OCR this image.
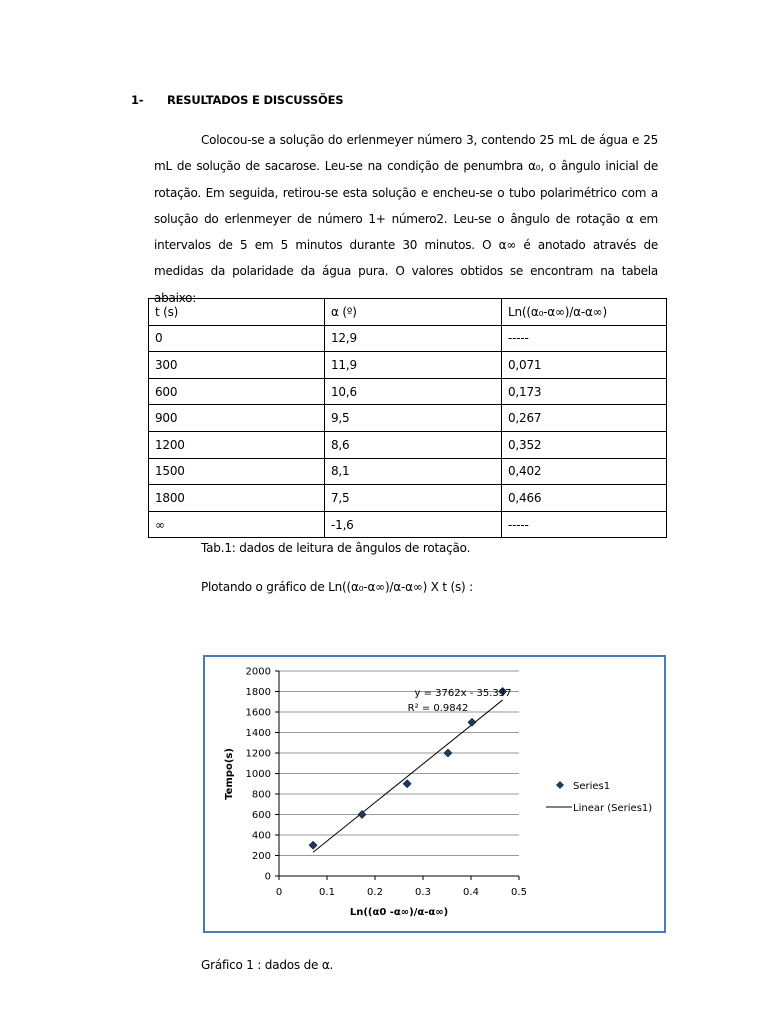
1- RESULTADOS E DISCUSSÕES
Colocou-se a solução do erlenmeyer número 3, contendo 25 mL de água e 25 mL de solução de sacarose. Leu-se na condição de penumbra α₀, o ângulo inicial de rotação. Em seguida, retirou-se esta solução e encheu-se o tubo polarimétrico com a solução do erlenmeyer de número 1+ número2. Leu-se o ângulo de rotação α em intervalos de 5 em 5 minutos durante 30 minutos. O α∞ é anotado através de medidas da polaridade da água pura. O valores obtidos se encontram na tabela abaixo:
t (s)	α (º)	Ln((α₀-α∞)/α-α∞)
0	12,9	-----
300	11,9	0,071
600	10,6	0,173
900	9,5	0,267
1200	8,6	0,352
1500	8,1	0,402
1800	7,5	0,466
∞	-1,6	-----
Tab.1: dados de leitura de ângulos de rotação.
Plotando o gráfico de Ln((α₀-α∞)/α-α∞) X t (s) :
0
200
400
600
800
1000
1200
1400
1600
1800
2000
0	0.1	0.2	0.3	0.4	0.5
y = 3762x - 35.337
R² = 0.9842
Ln((α0 -α∞)/α-α∞)
Tempo(s)	Series1
Linear (Series1)
Gráfico 1 : dados de α.
